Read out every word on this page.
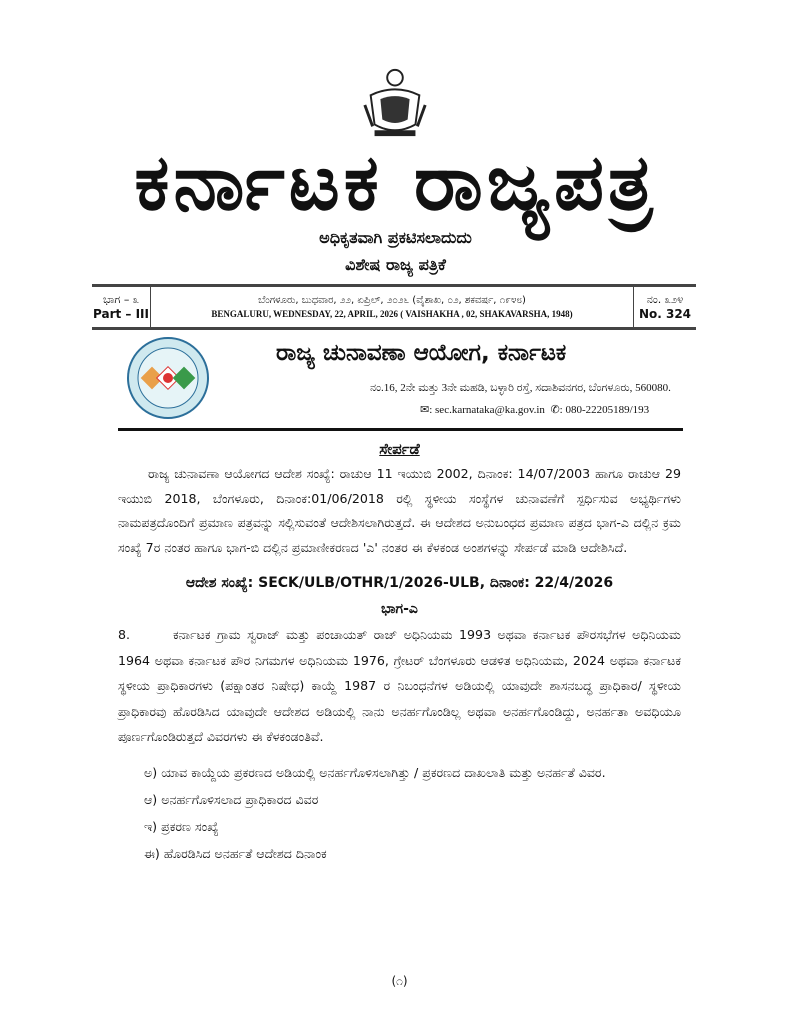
ಕರ್ನಾಟಕ ರಾಜ್ಯಪತ್ರ
ಅಧಿಕೃತವಾಗಿ ಪ್ರಕಟಿಸಲಾದುದು
ವಿಶೇಷ ರಾಜ್ಯ ಪತ್ರಿಕೆ
ಭಾಗ – ೩
Part – III
ಬೆಂಗಳೂರು, ಬುಧವಾರ, ೨೨, ಏಪ್ರಿಲ್, ೨೦೨೬ (ವೈಶಾಖ, ೦೨, ಶಕವರ್ಷ, ೧೯೪೮)
BENGALURU, WEDNESDAY, 22, APRIL, 2026 ( VAISHAKHA , 02, SHAKAVARSHA, 1948)
ನಂ. ೩೨೪
No. 324
ರಾಜ್ಯ ಚುನಾವಣಾ ಆಯೋಗ, ಕರ್ನಾಟಕ
ನಂ.16, 2ನೇ ಮತ್ತು 3ನೇ ಮಹಡಿ, ಬಳ್ಳಾರಿ ರಸ್ತೆ, ಸದಾಶಿವನಗರ, ಬೆಂಗಳೂರು, 560080.
✉: sec.karnataka@ka.gov.in ✆: 080-22205189/193
ಸೇರ್ಪಡೆ
ರಾಜ್ಯ ಚುನಾವಣಾ ಆಯೋಗದ ಆದೇಶ ಸಂಖ್ಯೆ: ರಾಚುಆ 11 ಇಯುಬಿ 2002, ದಿನಾಂಕ: 14/07/2003 ಹಾಗೂ ರಾಚುಆ 29 ಇಯುಬಿ 2018, ಬೆಂಗಳೂರು, ದಿನಾಂಕ:01/06/2018 ರಲ್ಲಿ ಸ್ಥಳೀಯ ಸಂಸ್ಥೆಗಳ ಚುನಾವಣೆಗೆ ಸ್ಪರ್ಧಿಸುವ ಅಭ್ಯರ್ಥಿಗಳು ನಾಮಪತ್ರದೊಂದಿಗೆ ಪ್ರಮಾಣ ಪತ್ರವನ್ನು ಸಲ್ಲಿಸುವಂತೆ ಆದೇಶಿಸಲಾಗಿರುತ್ತದೆ. ಈ ಆದೇಶದ ಅನುಬಂಧದ ಪ್ರಮಾಣ ಪತ್ರದ ಭಾಗ-ಎ ದಲ್ಲಿನ ಕ್ರಮ ಸಂಖ್ಯೆ 7ರ ನಂತರ ಹಾಗೂ ಭಾಗ-ಬಿ ದಲ್ಲಿನ ಪ್ರಮಾಣೀಕರಣದ 'ಎ' ನಂತರ ಈ ಕೆಳಕಂಡ ಅಂಶಗಳನ್ನು ಸೇರ್ಪಡೆ ಮಾಡಿ ಆದೇಶಿಸಿದೆ.
ಆದೇಶ ಸಂಖ್ಯೆ: SECK/ULB/OTHR/1/2026-ULB, ದಿನಾಂಕ: 22/4/2026
ಭಾಗ-ಎ
8.	ಕರ್ನಾಟಕ ಗ್ರಾಮ ಸ್ವರಾಜ್ ಮತ್ತು ಪಂಚಾಯತ್ ರಾಜ್ ಅಧಿನಿಯಮ 1993 ಅಥವಾ ಕರ್ನಾಟಕ ಪೌರಸಭೆಗಳ ಅಧಿನಿಯಮ 1964 ಅಥವಾ ಕರ್ನಾಟಕ ಪೌರ ನಿಗಮಗಳ ಅಧಿನಿಯಮ 1976, ಗ್ರೇಟರ್ ಬೆಂಗಳೂರು ಆಡಳಿತ ಅಧಿನಿಯಮ, 2024 ಅಥವಾ ಕರ್ನಾಟಕ ಸ್ಥಳೀಯ ಪ್ರಾಧಿಕಾರಗಳು (ಪಕ್ಷಾಂತರ ನಿಷೇಧ) ಕಾಯ್ದೆ 1987 ರ ನಿಬಂಧನೆಗಳ ಅಡಿಯಲ್ಲಿ ಯಾವುದೇ ಶಾಸನಬದ್ಧ ಪ್ರಾಧಿಕಾರ/ ಸ್ಥಳೀಯ ಪ್ರಾಧಿಕಾರವು ಹೊರಡಿಸಿದ ಯಾವುದೇ ಆದೇಶದ ಅಡಿಯಲ್ಲಿ ನಾನು ಅನರ್ಹಗೊಂಡಿಲ್ಲ ಅಥವಾ ಅನರ್ಹಗೊಂಡಿದ್ದು, ಅನರ್ಹತಾ ಅವಧಿಯೂ ಪೂರ್ಣಗೊಂಡಿರುತ್ತದೆ ವಿವರಗಳು ಈ ಕೆಳಕಂಡಂತಿವೆ.
ಅ) ಯಾವ ಕಾಯ್ದೆಯ ಪ್ರಕರಣದ ಅಡಿಯಲ್ಲಿ ಅನರ್ಹಗೊಳಿಸಲಾಗಿತ್ತು / ಪ್ರಕರಣದ ದಾಖಲಾತಿ ಮತ್ತು ಅನರ್ಹತೆ ವಿವರ.
ಆ) ಅನರ್ಹಗೊಳಿಸಲಾದ ಪ್ರಾಧಿಕಾರದ ವಿವರ
ಇ) ಪ್ರಕರಣ ಸಂಖ್ಯೆ
ಈ) ಹೊರಡಿಸಿದ ಅನರ್ಹತೆ ಆದೇಶದ ದಿನಾಂಕ
(೧)
